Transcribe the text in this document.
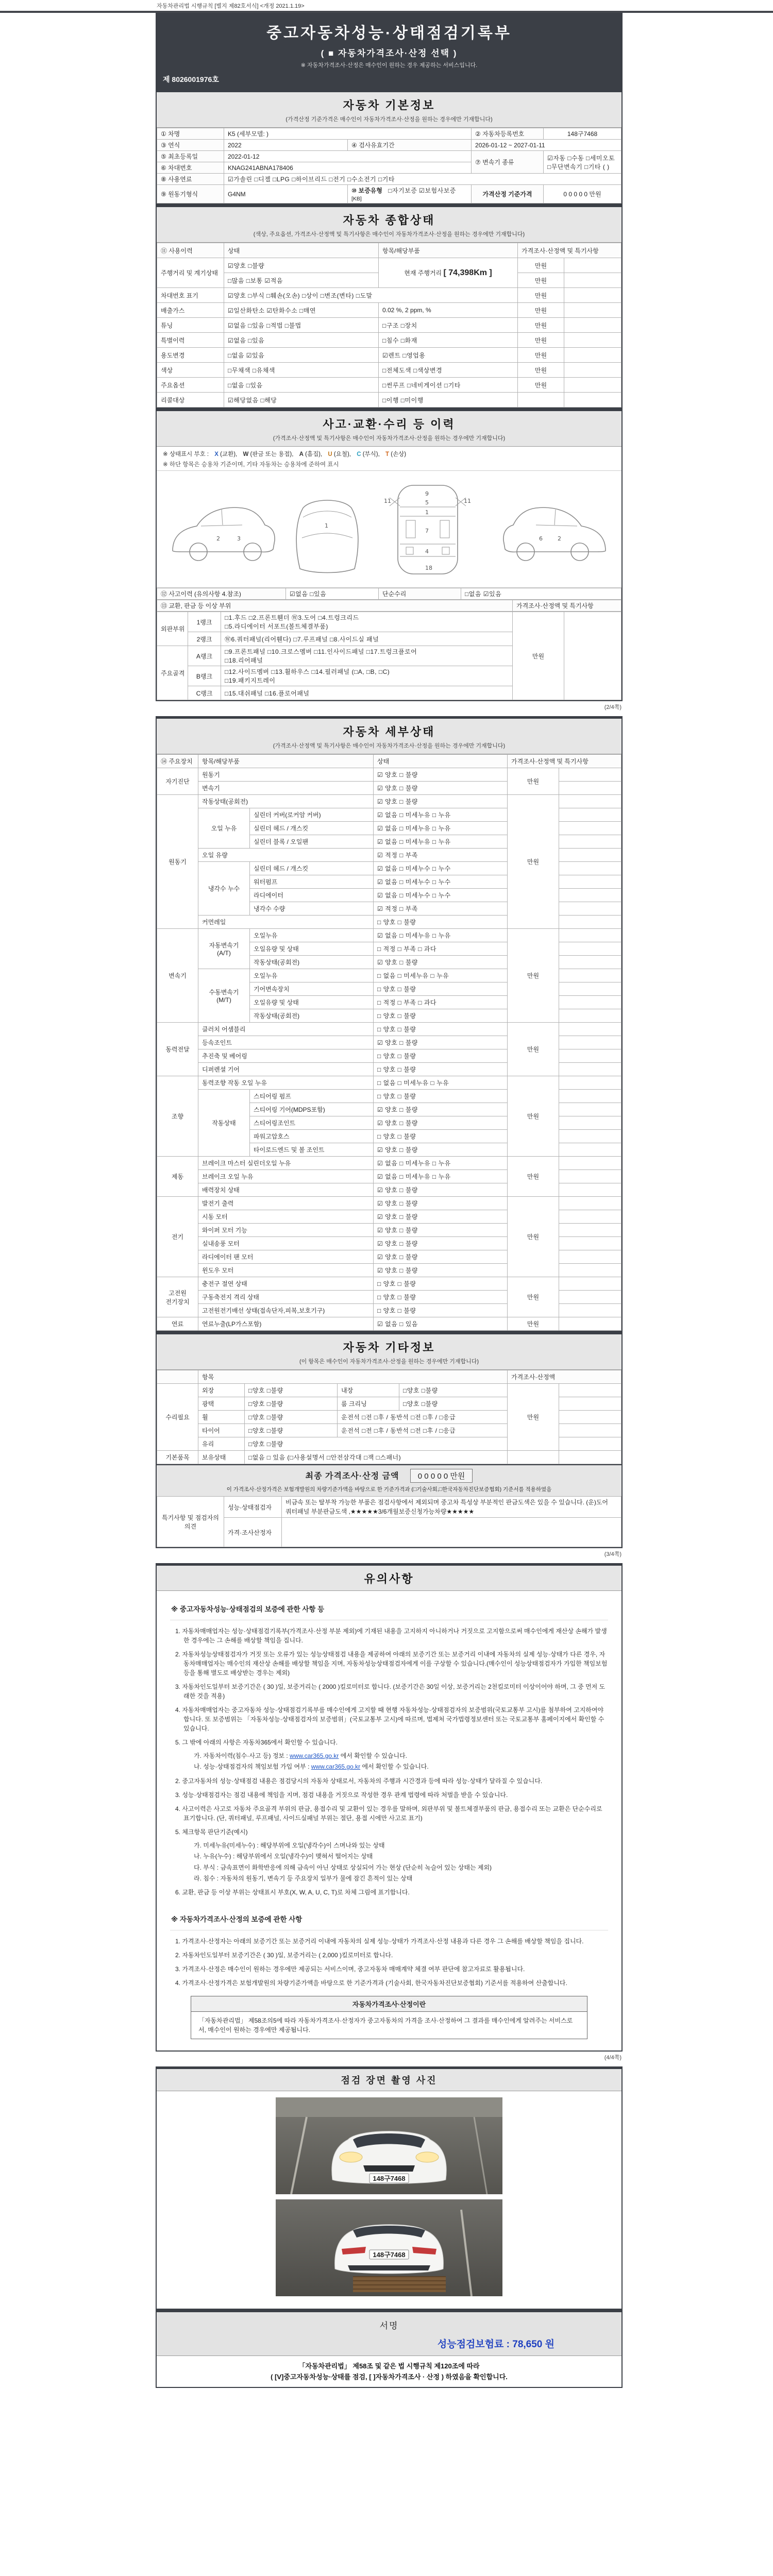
자동차관리법 시행규칙 [별지 제82호서식] <개정 2021.1.19>
중고자동차성능·상태점검기록부
( ■ 자동차가격조사·산정 선택 )
※ 자동차가격조사·산정은 매수인이 원하는 경우 제공하는 서비스입니다.
제 8026001976호
자동차 기본정보
(가격산정 기준가격은 매수인이 자동차가격조사·산정을 원하는 경우에만 기재합니다)
① 차명	K5 (세부모델: )		② 자동차등록번호	148구7468
③ 연식	2022	④ 검사유효기간	2026-01-12 ~ 2027-01-11	
⑤ 최초등록일	2022-01-12		⑦ 변속기 종류	☑자동 □수동 □세미오토
□무단변속기 □기타 ( )

⑥ 차대번호	KNAG241ABNA178406			
⑧ 사용연료	☑가솔린 □디젤 □LPG □하이브리드 □전기 □수소전기 □기타			
⑨ 원동기형식	G4NM	⑩ 보증유형 □자기보증 ☑보험사보증 [KB]	가격산정 기준가격	0 0 0 0 0 만원
자동차 종합상태
(색상, 주요옵션, 가격조사·산정액 및 특기사항은 매수인이 자동차가격조사·산정을 원하는 경우에만 기재합니다)
⑪ 사용이력	상태	항목/해당부품	가격조사·산정액 및 특기사항	
주행거리 및 계기상태	☑양호 □불량	현재 주행거리 [ 74,398Km ]	만원	
	□많음 □보통 ☑적음		만원	
차대번호 표기	☑양호 □부식 □훼손(오손) □상이 □변조(변타) □도말		만원	
배출가스	☑일산화탄소 ☑탄화수소 □매연	0.02 %, 2 ppm, %	만원	
튜닝	☑없음 □있음 □적법 □불법	□구조 □장치	만원	
특별이력	☑없음 □있음	□침수 □화재	만원	
용도변경	□없음 ☑있음	☑렌트 □영업용	만원	
색상	□무채색 □유채색	□전체도색 □색상변경	만원	
주요옵션	□없음 □있음	□썬루프 □네비게이션 □기타	만원	
리콜대상	☑해당없음 □해당	□이행 □미이행		
사고·교환·수리 등 이력
(가격조사·산정액 및 특기사항은 매수인이 자동차가격조사·산정을 원하는 경우에만 기재합니다)
※ 상태표시 부호 : X (교환), W (판금 또는 용접), A (흠집), U (요철), C (부식), T (손상)
※ 하단 항목은 승용차 기준이며, 기타 자동차는 승용차에 준하여 표시
2	3
1
9
5
1
7
4
18
11	11
2
6
⑫ 사고이력 (유의사항 4.참조)	☑없음 □있음	단순수리	□없음 ☑있음
⑬ 교환, 판금 등 이상 부위	가격조사·산정액 및 특기사항
외판부위	1랭크	□1.후드 □2.프론트휀더 Ⓦ3.도어 □4.트렁크리드
□5.라디에이터 서포트(볼트체결부품)	만원	
	2랭크	Ⓦ6.쿼터패널(리어휀다) □7.루프패널 □8.사이드실 패널		
주요골격	A랭크	□9.프론트패널 □10.크로스멤버 □11.인사이드패널 □17.트렁크플로어
□18.리어패널		

	B랭크	□12.사이드멤버 □13.휠하우스 □14.필러패널 (□A, □B, □C)
□19.패키지트레이		

	C랭크	□15.대쉬패널 □16.플로어패널		
(2/4쪽)
자동차 세부상태
(가격조사·산정액 및 특기사항은 매수인이 자동차가격조사·산정을 원하는 경우에만 기재합니다)
⑭ 주요장치	항목/해당부품		상태	가격조사·산정액 및 특기사항	
자기진단	원동기		☑ 양호 □ 불량	만원	
	변속기		☑ 양호 □ 불량		
원동기	작동상태(공회전)		☑ 양호 □ 불량	만원	
	오일 누유	실린더 커버(로커암 커버)	☑ 없음 □ 미세누유 □ 누유		
		실린더 헤드 / 개스킷	☑ 없음 □ 미세누유 □ 누유		
		실린더 블록 / 오일팬	☑ 없음 □ 미세누유 □ 누유		
	오일 유량		☑ 적정 □ 부족		
	냉각수 누수	실린더 헤드 / 개스킷	☑ 없음 □ 미세누수 □ 누수		
		워터펌프	☑ 없음 □ 미세누수 □ 누수		
		라디에이터	☑ 없음 □ 미세누수 □ 누수		
		냉각수 수량	☑ 적정 □ 부족		
	커먼레일		□ 양호 □ 불량		
변속기	자동변속기 (A/T)	오일누유	☑ 없음 □ 미세누유 □ 누유	만원	
		오일유량 및 상태	□ 적정 □ 부족 □ 과다		
		작동상태(공회전)	☑ 양호 □ 불량		
	수동변속기 (M/T)	오일누유	□ 없음 □ 미세누유 □ 누유		
		기어변속장치	□ 양호 □ 불량		
		오일유량 및 상태	□ 적정 □ 부족 □ 과다		
		작동상태(공회전)	□ 양호 □ 불량		
동력전달	클러치 어셈블리		□ 양호 □ 불량	만원	
	등속조인트		☑ 양호 □ 불량		
	추진축 및 베어링		□ 양호 □ 불량		
	디퍼렌셜 기어		□ 양호 □ 불량		
조향	동력조향 작동 오일 누유		□ 없음 □ 미세누유 □ 누유	만원	
	작동상태	스티어링 펌프	□ 양호 □ 불량		
		스티어링 기어(MDPS포함)	☑ 양호 □ 불량		
		스티어링조인트	☑ 양호 □ 불량		
		파워고압호스	□ 양호 □ 불량		
		타이로드엔드 및 볼 조인트	☑ 양호 □ 불량		
제동	브레이크 마스터 실린더오일 누유		☑ 없음 □ 미세누유 □ 누유	만원	
	브레이크 오일 누유		☑ 없음 □ 미세누유 □ 누유		
	배력장치 상태		☑ 양호 □ 불량		
전기	발전기 출력		☑ 양호 □ 불량	만원	
	시동 모터		☑ 양호 □ 불량		
	와이퍼 모터 기능		☑ 양호 □ 불량		
	실내송풍 모터		☑ 양호 □ 불량		
	라디에이터 팬 모터		☑ 양호 □ 불량		
	윈도우 모터		☑ 양호 □ 불량		
고전원 전기장치	충전구 절연 상태		□ 양호 □ 불량	만원	
	구동축전지 격리 상태		□ 양호 □ 불량		
	고전원전기배선 상태(접속단자,피복,보호기구)		□ 양호 □ 불량		
연료	연료누출(LP가스포함)		☑ 없음 □ 있음	만원	
자동차 기타정보
(이 항목은 매수인이 자동차가격조사·산정을 원하는 경우에만 기재합니다)
	항목				가격조사·산정액	
수리필요	외장	□양호 □불량	내장	□양호 □불량	만원	
	광택	□양호 □불량	룸 크리닝	□양호 □불량		
	휠	□양호 □불량	운전석 □전 □후 / 동반석 □전 □후 / □응급			
	타이어	□양호 □불량	운전석 □전 □후 / 동반석 □전 □후 / □응급			
	유리	□양호 □불량				
기본품목	보유상태	□없음 □ 있음 (□사용설명서 □안전삼각대 □잭 □스패너)				
최종 가격조사·산정 금액 0 0 0 0 0 만원
이 가격조사·산정가격은 보험개발원의 차량기준가액을 바탕으로 한 기준가격과 (□기술사회,□한국자동차진단보증협회) 기준서를 적용하였음
특기사항 및 점검자의 의견	성능·상태점검자	비금속 또는 탈부착 가능한 부품은 점검사항에서 제외되며 중고차 특성상 부분적인 판금도색은 있을 수 있습니다. (운)도어 쿼터패널 부분판금도색 ,★★★★★3/6개월보증신청가능차량★★★★★
	가격·조사산정자	
(3/4쪽)
유의사항
※ 중고자동차성능·상태점검의 보증에 관한 사항 등
1. 자동차매매업자는 성능·상태점검기록부(가격조사·산정 부분 제외)에 기재된 내용을 고지하지 아니하거나 거짓으로 고지함으로써 매수인에게 재산상 손해가 발생한 경우에는 그 손해를 배상할 책임을 집니다.
2. 자동차성능상태점검자가 거짓 또는 오류가 있는 성능상태점검 내용을 제공하여 아래의 보증기간 또는 보증거리 이내에 자동차의 실제 성능·상태가 다른 경우, 자동차매매업자는 매수인의 재산상 손해를 배상할 책임을 지며, 자동차성능상태점검자에게 이를 구상할 수 있습니다.(매수인이 성능상태점검자가 가입한 책임보험 등을 통해 별도로 배상받는 경우는 제외)
3. 자동차인도일부터 보증기간은 ( 30 )일, 보증거리는 ( 2000 )킬로미터로 합니다. (보증기간은 30일 이상, 보증거리는 2천킬로미터 이상이어야 하며, 그 중 먼저 도래한 것을 적용)
4. 자동차매매업자는 중고자동차 성능·상태점검기록부를 매수인에게 고지할 때 현행 자동차성능·상태점검자의 보증범위(국토교통부 고시)를 첨부하여 고지하여야 합니다. 또 보증범위는 「자동차성능·상태점검자의 보증범위」(국토교통부 고시)에 따르며, 법제처 국가법령정보센터 또는 국토교통부 홈페이지에서 확인할 수 있습니다.
5. 그 밖에 아래의 사항은 자동차365에서 확인할 수 있습니다.
가. 자동차이력(침수·사고 등) 정보 : www.car365.go.kr 에서 확인할 수 있습니다.
나. 성능·상태점검자의 책임보험 가입 여부 : www.car365.go.kr 에서 확인할 수 있습니다.
2. 중고자동차의 성능·상태점검 내용은 점검당시의 자동차 상태로서, 자동차의 주행과 시간경과 등에 따라 성능·상태가 달라질 수 있습니다.
3. 성능·상태점검자는 점검 내용에 책임을 지며, 점검 내용을 거짓으로 작성한 경우 관계 법령에 따라 처벌을 받을 수 있습니다.
4. 사고이력은 사고로 자동차 주요골격 부위의 판금, 용접수리 및 교환이 있는 경우를 말하며, 외판부위 및 볼트체결부품의 판금, 용접수리 또는 교환은 단순수리로 표기합니다. (단, 쿼터패널, 루프패널, 사이드실패널 부위는 절단, 용접 시에만 사고로 표기)
5. 체크항목 판단기준(예시)
가. 미세누유(미세누수) : 해당부위에 오일(냉각수)이 스며나와 있는 상태
나. 누유(누수) : 해당부위에서 오일(냉각수)이 맺혀서 떨어지는 상태
다. 부식 : 금속표면이 화학반응에 의해 금속이 아닌 상태로 상실되어 가는 현상 (단순히 녹슬어 있는 상태는 제외)
라. 침수 : 자동차의 원동기, 변속기 등 주요장치 일부가 물에 잠긴 흔적이 있는 상태
6. 교환, 판금 등 이상 부위는 상태표시 부호(X, W, A, U, C, T)로 차체 그림에 표기합니다.
※ 자동차가격조사·산정의 보증에 관한 사항
1. 가격조사·산정자는 아래의 보증기간 또는 보증거리 이내에 자동차의 실제 성능·상태가 가격조사·산정 내용과 다른 경우 그 손해를 배상할 책임을 집니다.
2. 자동차인도일부터 보증기간은 ( 30 )일, 보증거리는 ( 2,000 )킬로미터로 합니다.
3. 가격조사·산정은 매수인이 원하는 경우에만 제공되는 서비스이며, 중고자동차 매매계약 체결 여부 판단에 참고자료로 활용됩니다.
4. 가격조사·산정가격은 보험개발원의 차량기준가액을 바탕으로 한 기준가격과 (기술사회, 한국자동차진단보증협회) 기준서를 적용하여 산출합니다.
자동차가격조사·산정이란
「자동차관리법」 제58조의5에 따라 자동차가격조사·산정자가 중고자동차의 가격을 조사·산정하여 그 결과를 매수인에게 알려주는 서비스로서, 매수인이 원하는 경우에만 제공됩니다.
(4/4쪽)
점검 장면 촬영 사진
148구7468
148구7468
서명
성능점검보험료 : 78,650 원
「자동차관리법」 제58조 및 같은 법 시행규칙 제120조에 따라
( [V]중고자동차성능·상태를 점검, [ ]자동차가격조사 · 산정 ) 하였음을 확인합니다.
